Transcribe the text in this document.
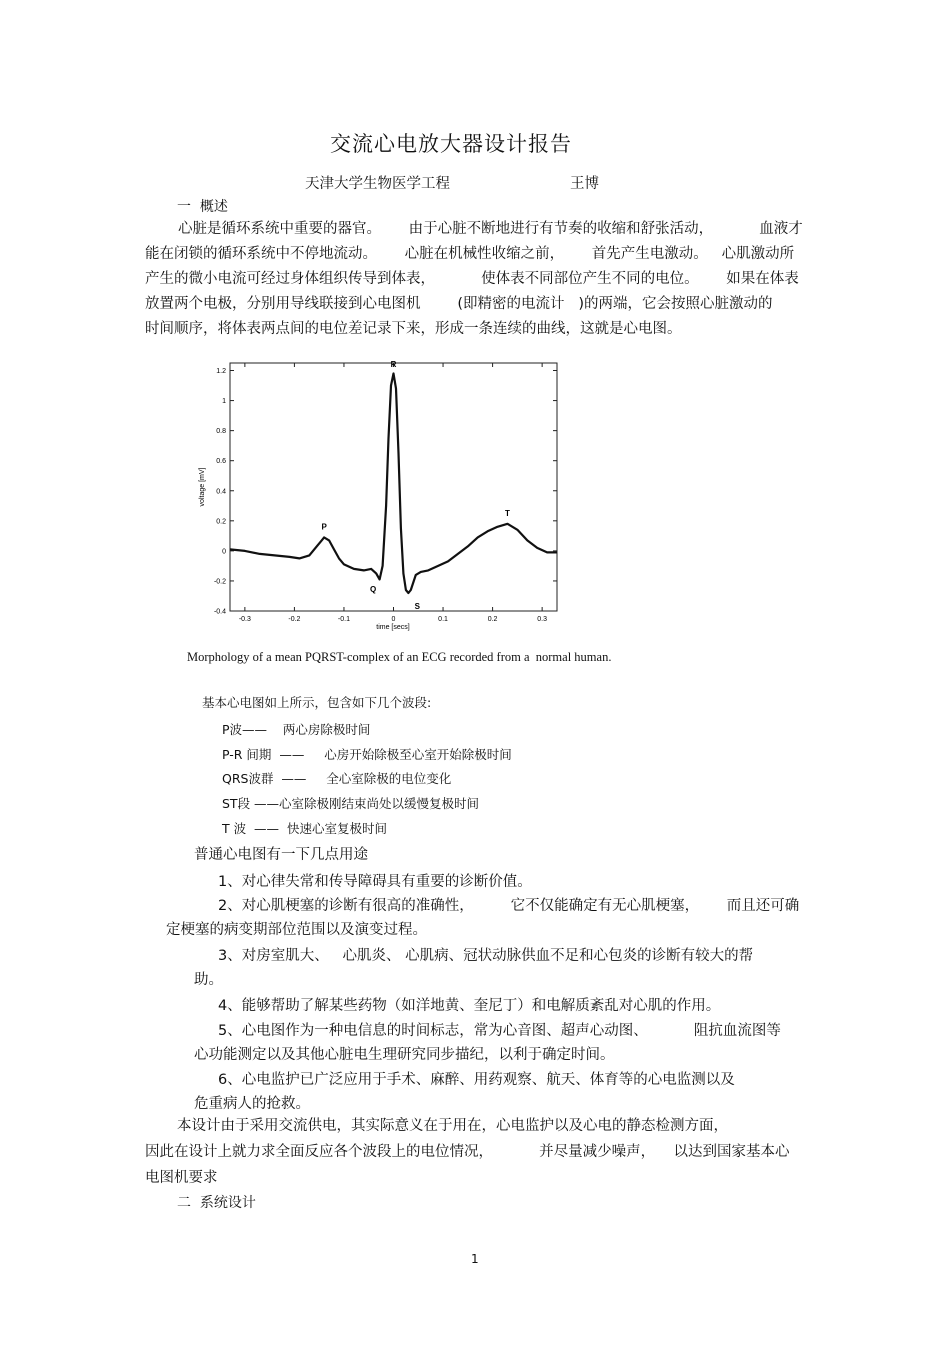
交流心电放大器设计报告
天津大学生物医学工程	王博
一  概述
心脏是循环系统中重要的器官。      由于心脏不断地进行有节奏的收缩和舒张活动，          血液才
能在闭锁的循环系统中不停地流动。      心脏在机械性收缩之前，      首先产生电激动。   心肌激动所
产生的微小电流可经过身体组织传导到体表，          使体表不同部位产生不同的电位。      如果在体表
放置两个电极，分别用导线联接到心电图机        (即精密的电流计   )的两端，它会按照心脏激动的
时间顺序，将体表两点间的电位差记录下来，形成一条连续的曲线，这就是心电图。
1.2
1
0.8
0.6
0.4
0.2
0
-0.2
-0.4
-0.3	-0.2	-0.1	0	0.1	0.2	0.3
P
Q
R
S
T
voltage [mV]
time [secs]
Morphology of a mean PQRST-complex of an ECG recorded from a  normal human.
基本心电图如上所示，包含如下几个波段:
P波——    两心房除极时间
P-R 间期  ——     心房开始除极至心室开始除极时间
QRS波群  ——     全心室除极的电位变化
ST段 ——心室除极刚结束尚处以缓慢复极时间
T 波  ——  快速心室复极时间
普通心电图有一下几点用途
1、对心律失常和传导障碍具有重要的诊断价值。
2、对心肌梗塞的诊断有很高的准确性，        它不仅能确定有无心肌梗塞，      而且还可确
定梗塞的病变期部位范围以及演变过程。
3、对房室肌大、   心肌炎、 心肌病、冠状动脉供血不足和心包炎的诊断有较大的帮
助。
4、能够帮助了解某些药物（如洋地黄、奎尼丁）和电解质紊乱对心肌的作用。
5、心电图作为一种电信息的时间标志，常为心音图、超声心动图、          阻抗血流图等
心功能测定以及其他心脏电生理研究同步描纪，以利于确定时间。
6、心电监护已广泛应用于手术、麻醉、用药观察、航天、体育等的心电监测以及
危重病人的抢救。
本设计由于采用交流供电，其实际意义在于用在，心电监护以及心电的静态检测方面，
因此在设计上就力求全面反应各个波段上的电位情况，          并尽量减少噪声，    以达到国家基本心
电图机要求
二  系统设计
1
